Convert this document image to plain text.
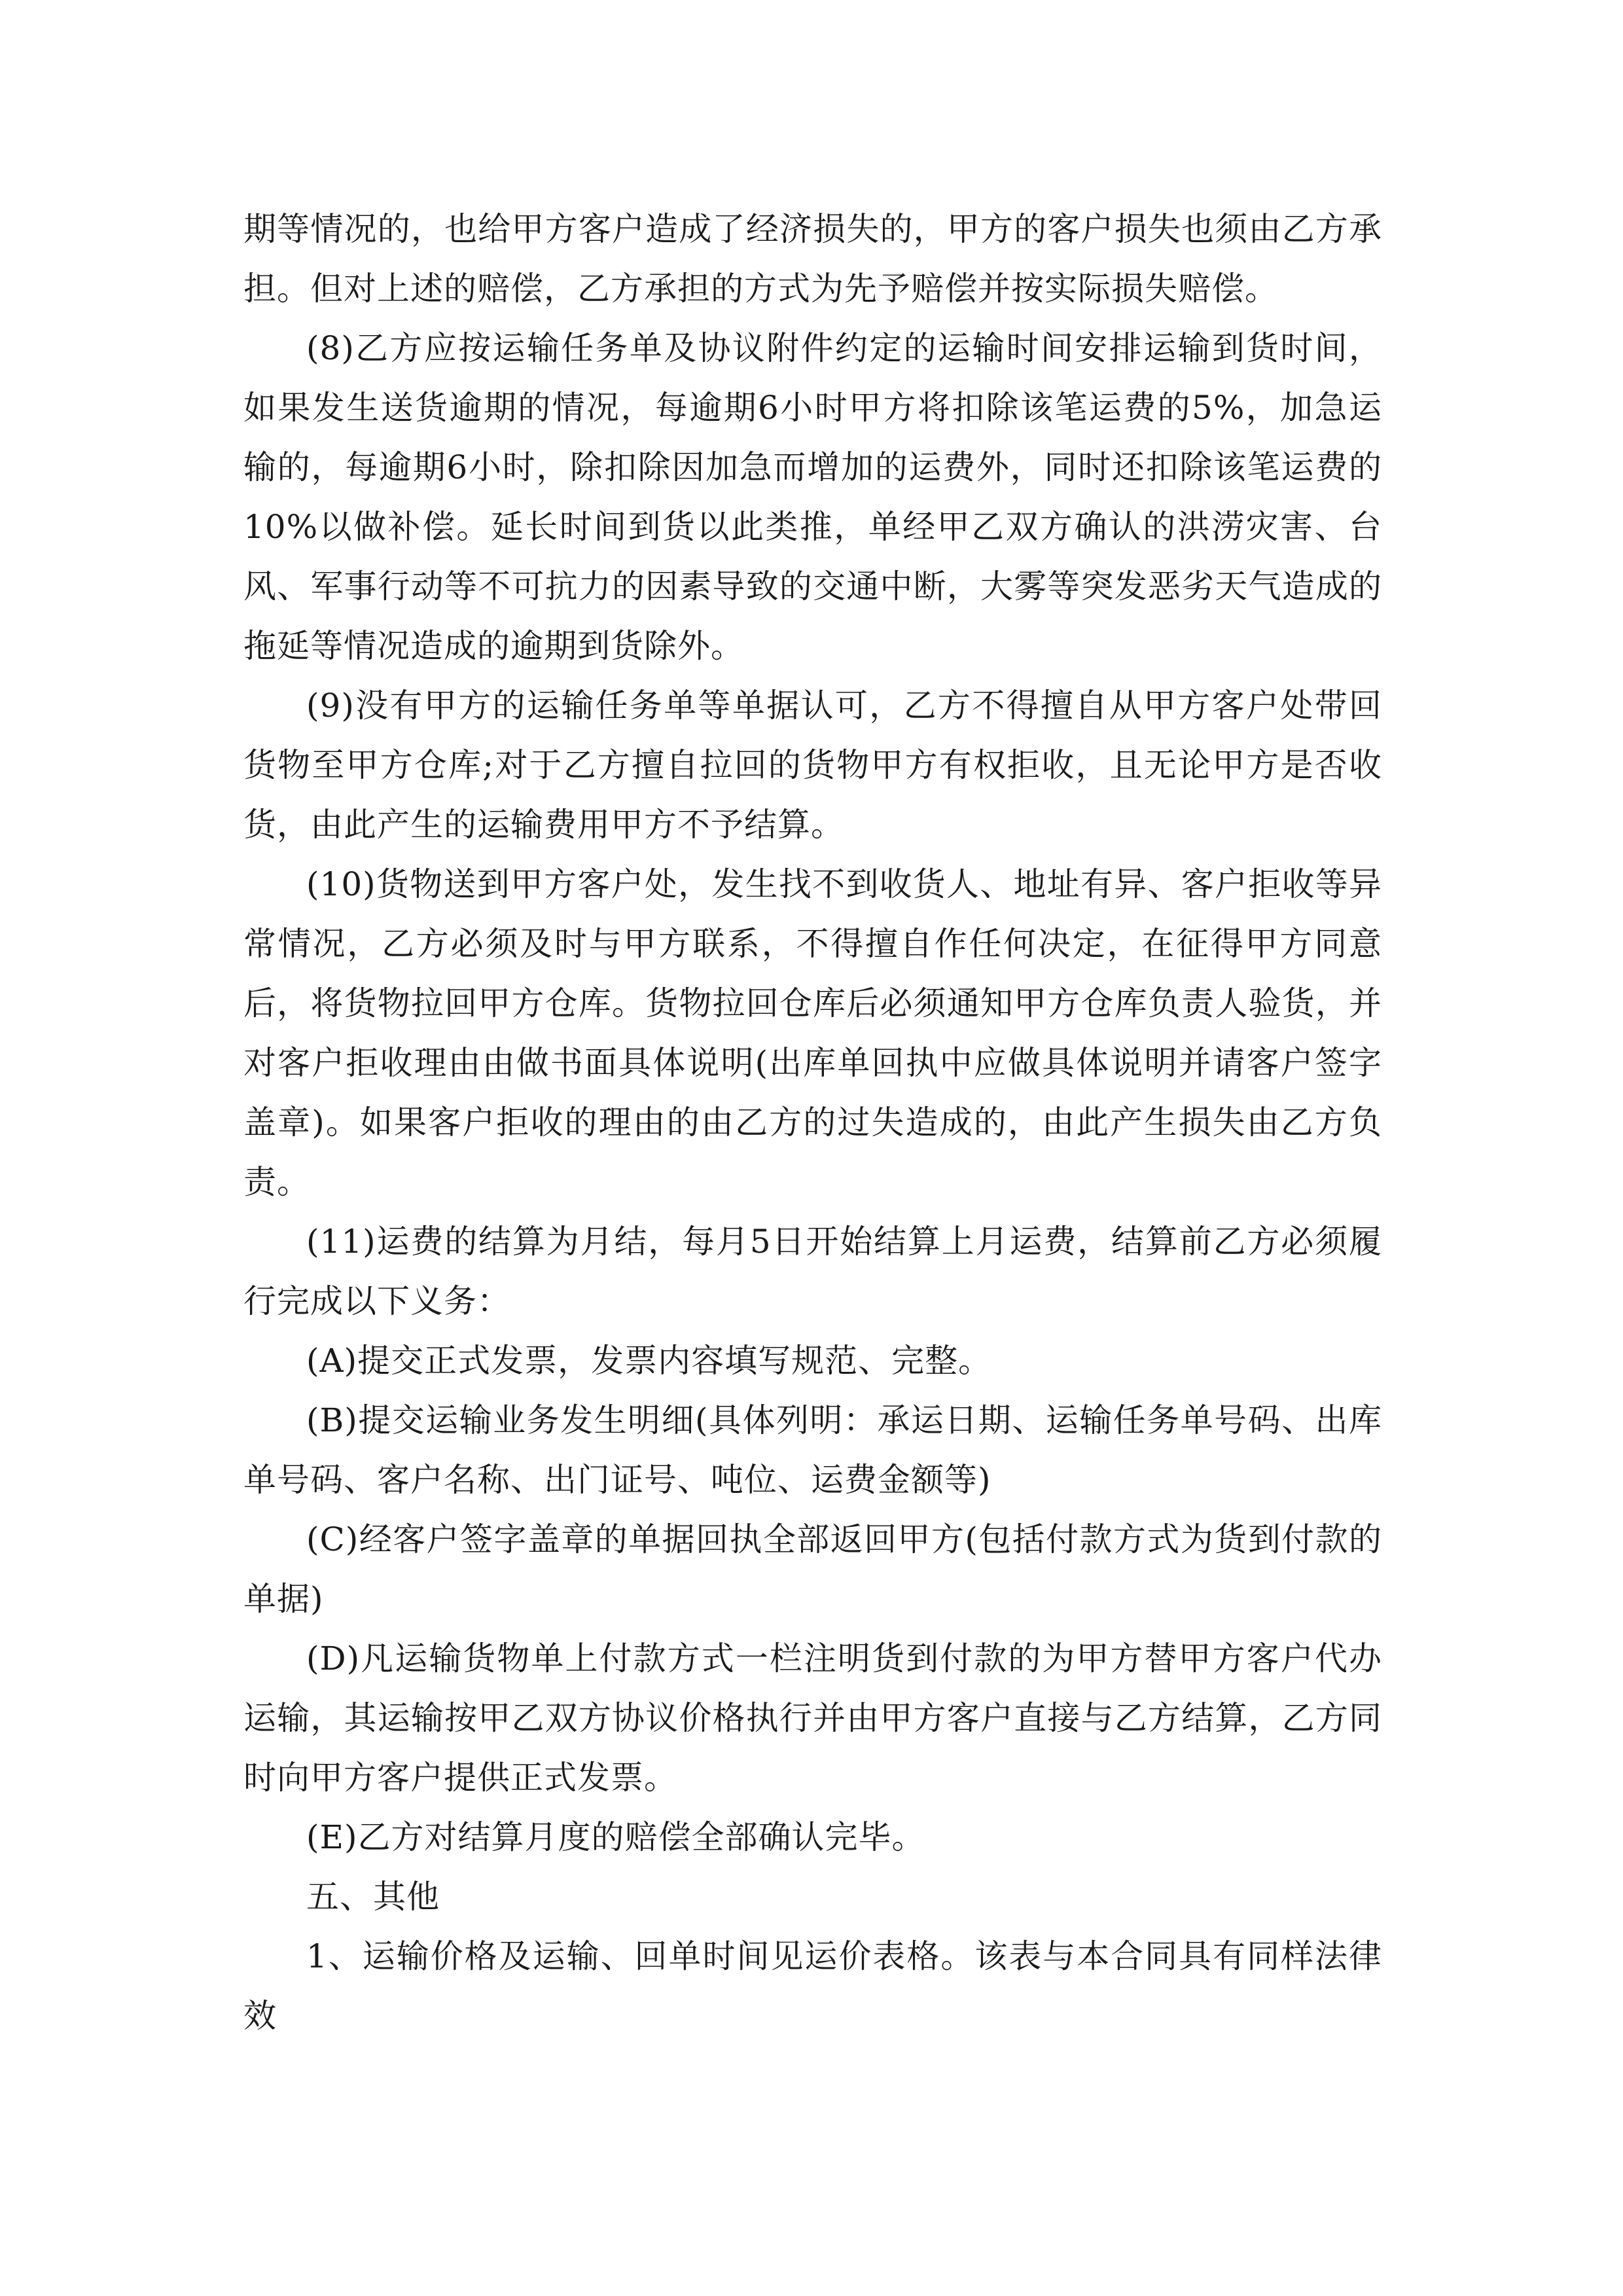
期等情况的，也给甲方客户造成了经济损失的，甲方的客户损失也须由乙方承担。但对上述的赔偿，乙方承担的方式为先予赔偿并按实际损失赔偿。

(8)乙方应按运输任务单及协议附件约定的运输时间安排运输到货时间，如果发生送货逾期的情况，每逾期6小时甲方将扣除该笔运费的5%，加急运输的，每逾期6小时，除扣除因加急而增加的运费外，同时还扣除该笔运费的10%以做补偿。延长时间到货以此类推，单经甲乙双方确认的洪涝灾害、台风、军事行动等不可抗力的因素导致的交通中断，大雾等突发恶劣天气造成的拖延等情况造成的逾期到货除外。

(9)没有甲方的运输任务单等单据认可，乙方不得擅自从甲方客户处带回货物至甲方仓库;对于乙方擅自拉回的货物甲方有权拒收，且无论甲方是否收货，由此产生的运输费用甲方不予结算。

(10)货物送到甲方客户处，发生找不到收货人、地址有异、客户拒收等异常情况，乙方必须及时与甲方联系，不得擅自作任何决定，在征得甲方同意后，将货物拉回甲方仓库。货物拉回仓库后必须通知甲方仓库负责人验货，并对客户拒收理由由做书面具体说明(出库单回执中应做具体说明并请客户签字盖章)。如果客户拒收的理由的由乙方的过失造成的，由此产生损失由乙方负责。

(11)运费的结算为月结，每月5日开始结算上月运费，结算前乙方必须履行完成以下义务：

(A)提交正式发票，发票内容填写规范、完整。

(B)提交运输业务发生明细(具体列明：承运日期、运输任务单号码、出库单号码、客户名称、出门证号、吨位、运费金额等)

(C)经客户签字盖章的单据回执全部返回甲方(包括付款方式为货到付款的单据)

(D)凡运输货物单上付款方式一栏注明货到付款的为甲方替甲方客户代办运输，其运输按甲乙双方协议价格执行并由甲方客户直接与乙方结算，乙方同时向甲方客户提供正式发票。

(E)乙方对结算月度的赔偿全部确认完毕。

五、其他

1、运输价格及运输、回单时间见运价表格。该表与本合同具有同样法律效
